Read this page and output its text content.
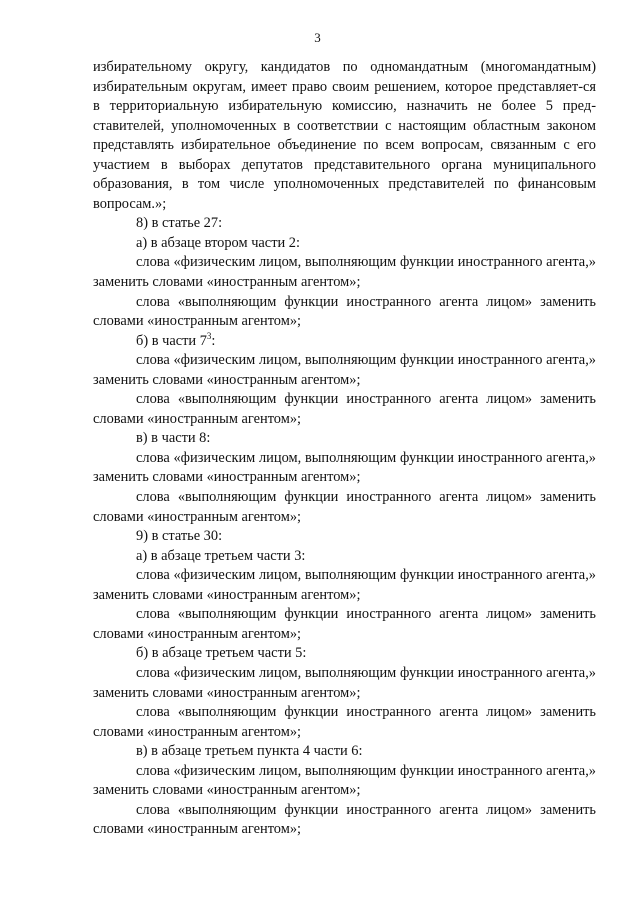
3

избирательному округу, кандидатов по одномандатным (многомандатным) избирательным округам, имеет право своим решением, которое представляет-ся в территориальную избирательную комиссию, назначить не более 5 пред-ставителей, уполномоченных в соответствии с настоящим областным законом представлять избирательное объединение по всем вопросам, связанным с его участием в выборах депутатов представительного органа муниципального образования, в том числе уполномоченных представителей по финансовым вопросам.»;

8) в статье 27:

а) в абзаце втором части 2:

слова «физическим лицом, выполняющим функции иностранного агента,» заменить словами «иностранным агентом»;

слова «выполняющим функции иностранного агента лицом» заменить словами «иностранным агентом»;

б) в части $7^3$:

слова «физическим лицом, выполняющим функции иностранного агента,» заменить словами «иностранным агентом»;

слова «выполняющим функции иностранного агента лицом» заменить словами «иностранным агентом»;

в) в части 8:

слова «физическим лицом, выполняющим функции иностранного агента,» заменить словами «иностранным агентом»;

слова «выполняющим функции иностранного агента лицом» заменить словами «иностранным агентом»;

9) в статье 30:

а) в абзаце третьем части 3:

слова «физическим лицом, выполняющим функции иностранного агента,» заменить словами «иностранным агентом»;

слова «выполняющим функции иностранного агента лицом» заменить словами «иностранным агентом»;

б) в абзаце третьем части 5:

слова «физическим лицом, выполняющим функции иностранного агента,» заменить словами «иностранным агентом»;

слова «выполняющим функции иностранного агента лицом» заменить словами «иностранным агентом»;

в) в абзаце третьем пункта 4 части 6:

слова «физическим лицом, выполняющим функции иностранного агента,» заменить словами «иностранным агентом»;

слова «выполняющим функции иностранного агента лицом» заменить словами «иностранным агентом»;
